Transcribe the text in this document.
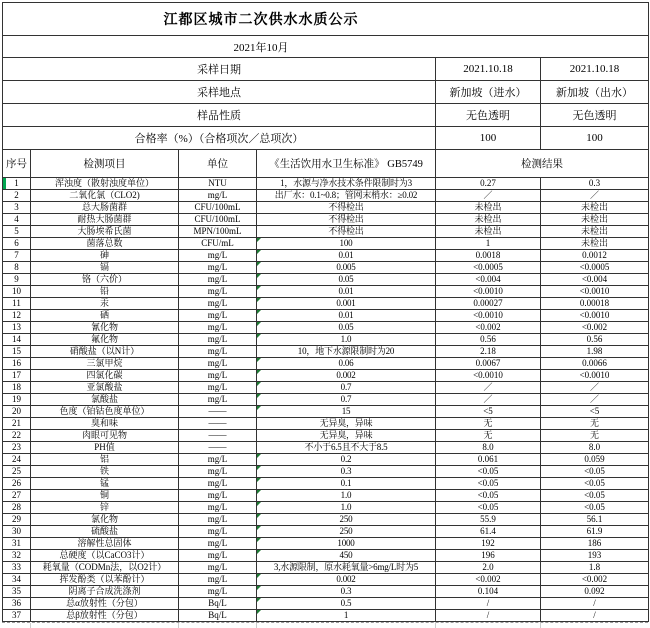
江都区城市二次供水水质公示					

2021年10月					

采样日期				2021.10.18	2021.10.18
采样地点				新加坡（进水）	新加坡（出水）
样品性质				无色透明	无色透明
合格率（%）（合格项次／总项次）				100	100
序号	检测项目	单位	《生活饮用水卫生标准》 GB5749	检测结果	
1	浑浊度（散射浊度单位）	NTU	1，水源与净水技术条件限制时为3	0.27	0.3
2	二氧化氯（CLO2)	mg/L	出厂水：0.1~0.8；管网末梢水：≥0.02	／	／
3	总大肠菌群	CFU/100mL	不得检出	未检出	未检出
4	耐热大肠菌群	CFU/100mL	不得检出	未检出	未检出
5	大肠埃希氏菌	MPN/100mL	不得检出	未检出	未检出
6	菌落总数	CFU/mL	100	1	未检出
7	砷	mg/L	0.01	0.0018	0.0012
8	镉	mg/L	0.005	<0.0005	<0.0005
9	铬（六价）	mg/L	0.05	<0.004	<0.004
10	铅	mg/L	0.01	<0.0010	<0.0010
11	汞	mg/L	0.001	0.00027	0.00018
12	硒	mg/L	0.01	<0.0010	<0.0010
13	氰化物	mg/L	0.05	<0.002	<0.002
14	氟化物	mg/L	1.0	0.56	0.56
15	硝酸盐（以N计）	mg/L	10，地下水源限制时为20	2.18	1.98
16	三氯甲烷	mg/L	0.06	0.0067	0.0066
17	四氯化碳	mg/L	0.002	<0.0010	<0.0010
18	亚氯酸盐	mg/L	0.7	／	／
19	氯酸盐	mg/L	0.7	／	／
20	色度（铂钴色度单位）	——	15	<5	<5
21	臭和味	——	无异臭，异味	无	无
22	肉眼可见物	——	无异臭，异味	无	无
23	PH值	——	不小于6.5且不大于8.5	8.0	8.0
24	铝	mg/L	0.2	0.061	0.059
25	铁	mg/L	0.3	<0.05	<0.05
26	锰	mg/L	0.1	<0.05	<0.05
27	铜	mg/L	1.0	<0.05	<0.05
28	锌	mg/L	1.0	<0.05	<0.05
29	氯化物	mg/L	250	55.9	56.1
30	硫酸盐	mg/L	250	61.4	61.9
31	溶解性总固体	mg/L	1000	192	186
32	总硬度（以CaCO3计）	mg/L	450	196	193
33	耗氧量（CODMn法，以O2计）	mg/L	3,水源限制，原水耗氧量>6mg/L时为5	2.0	1.8
34	挥发酚类（以苯酚计）	mg/L	0.002	<0.002	<0.002
35	阴离子合成洗涤剂	mg/L	0.3	0.104	0.092
36	总α放射性（分包）	Bq/L	0.5	/	/
37	总β放射性（分包）	Bq/L	1	/	/
